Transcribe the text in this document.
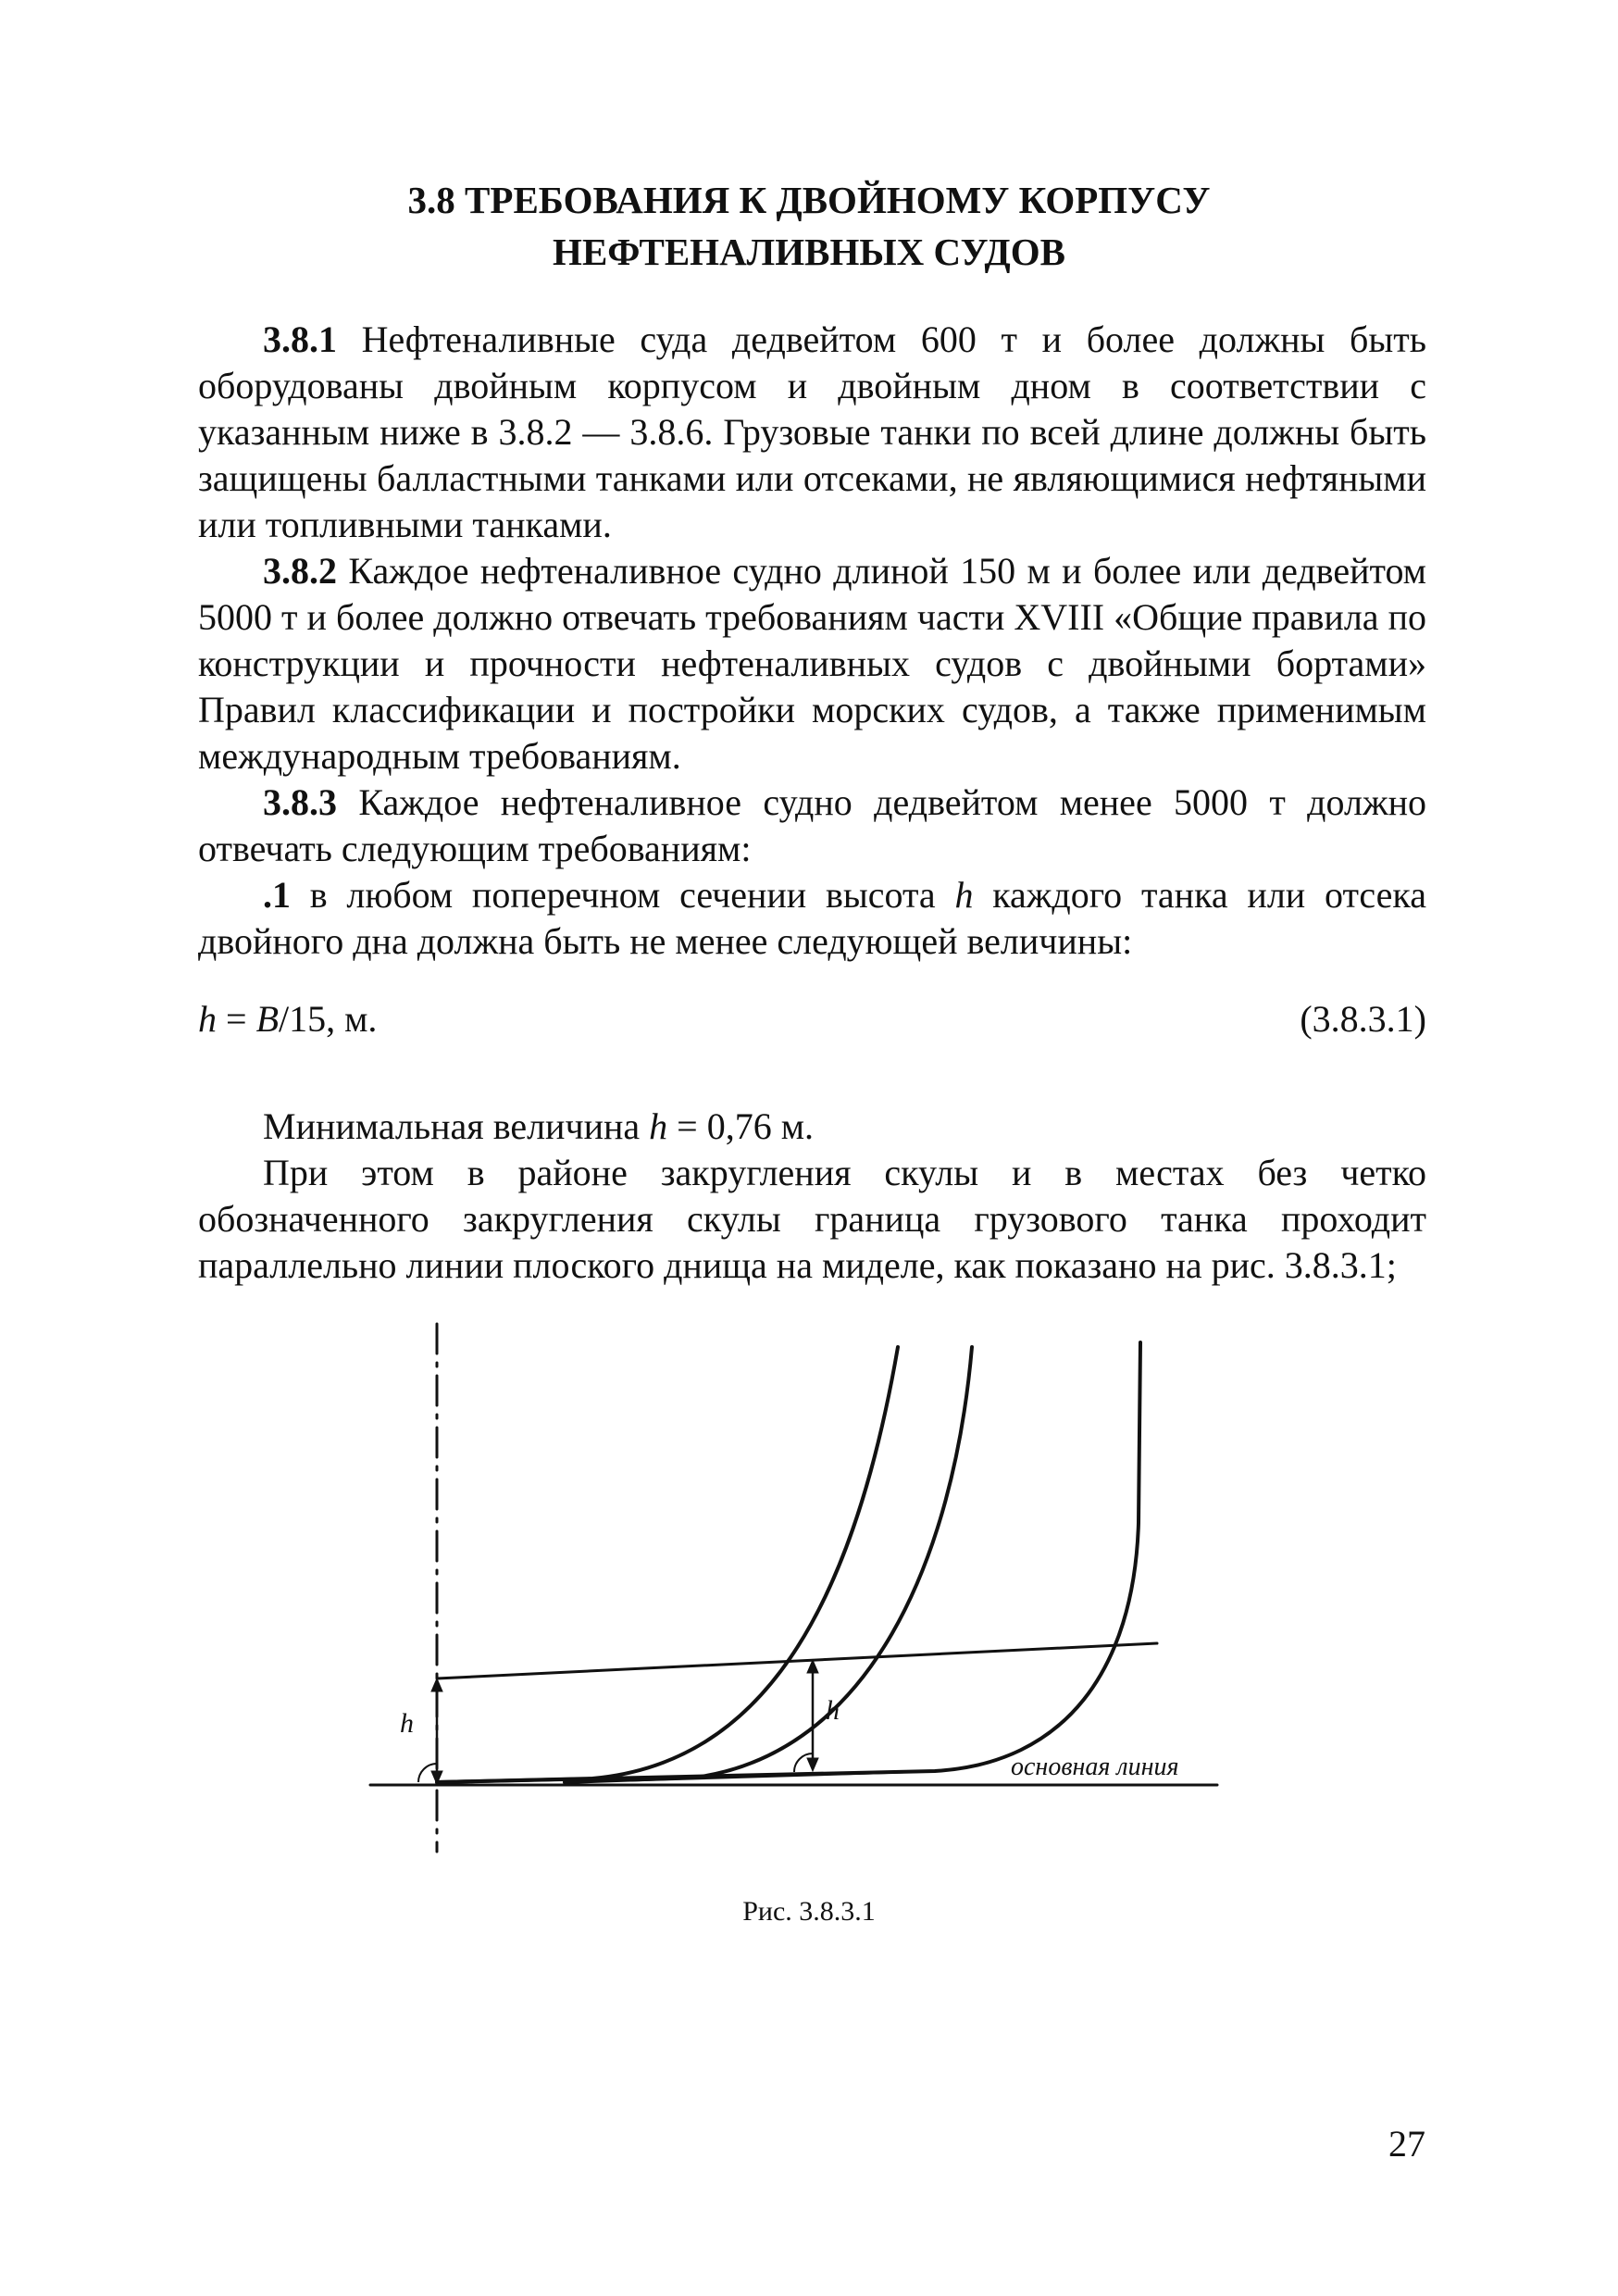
3.8 ТРЕБОВАНИЯ К ДВОЙНОМУ КОРПУСУ
НЕФТЕНАЛИВНЫХ СУДОВ
3.8.1 Нефтеналивные суда дедвейтом 600 т и более должны быть оборудованы двойным корпусом и двойным дном в соответствии с указанным ниже в 3.8.2 — 3.8.6. Грузовые танки по всей длине должны быть защищены балластными танками или отсеками, не являющимися нефтяными или топливными танками.
3.8.2 Каждое нефтеналивное судно длиной 150 м и более или дедвейтом 5000 т и более должно отвечать требованиям части XVIII «Общие правила по конструкции и прочности нефтеналивных судов с двойными бортами» Правил классификации и постройки морских судов, а также применимым международным требованиям.
3.8.3 Каждое нефтеналивное судно дедвейтом менее 5000 т должно отвечать следующим требованиям:
.1 в любом поперечном сечении высота h каждого танка или отсека двойного дна должна быть не менее следующей величины:
h = B/15, м.	(3.8.3.1)
Минимальная величина h = 0,76 м.
При этом в районе закругления скулы и в местах без четко обозначенного закругления скулы граница грузового танка проходит параллельно линии плоского днища на миделе, как показано на рис. 3.8.3.1;
h	h
основная линия
Рис. 3.8.3.1
27
